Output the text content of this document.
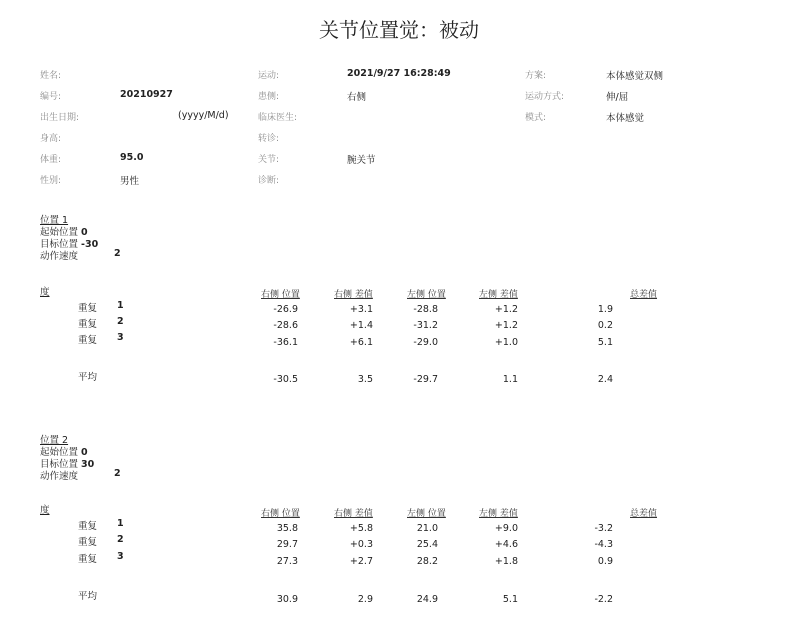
关节位置觉：被动
姓名:
编号:	20210927
出生日期:	(yyyy/M/d)
身高:
体重:	95.0
性别:	男性
运动:	2021/9/27 16:28:49
患侧:	右侧
临床医生:
转诊:
关节:	腕关节
诊断:
方案:	本体感觉双侧
运动方式:	伸/屈
模式:	本体感觉
位置 1
起始位置 0
目标位置 -30
动作速度	2
度	右侧 位置	右侧 差值	左侧 位置	左侧 差值	总差值
重复 1	-26.9	+3.1	-28.8	+1.2	1.9
重复 2	-28.6	+1.4	-31.2	+1.2	0.2
重复 3	-36.1	+6.1	-29.0	+1.0	5.1
平均	-30.5	3.5	-29.7	1.1	2.4
位置 2
起始位置 0
目标位置 30
动作速度	2
度	右侧 位置	右侧 差值	左侧 位置	左侧 差值	总差值
重复 1	35.8	+5.8	21.0	+9.0	-3.2
重复 2	29.7	+0.3	25.4	+4.6	-4.3
重复 3	27.3	+2.7	28.2	+1.8	0.9
平均	30.9	2.9	24.9	5.1	-2.2
